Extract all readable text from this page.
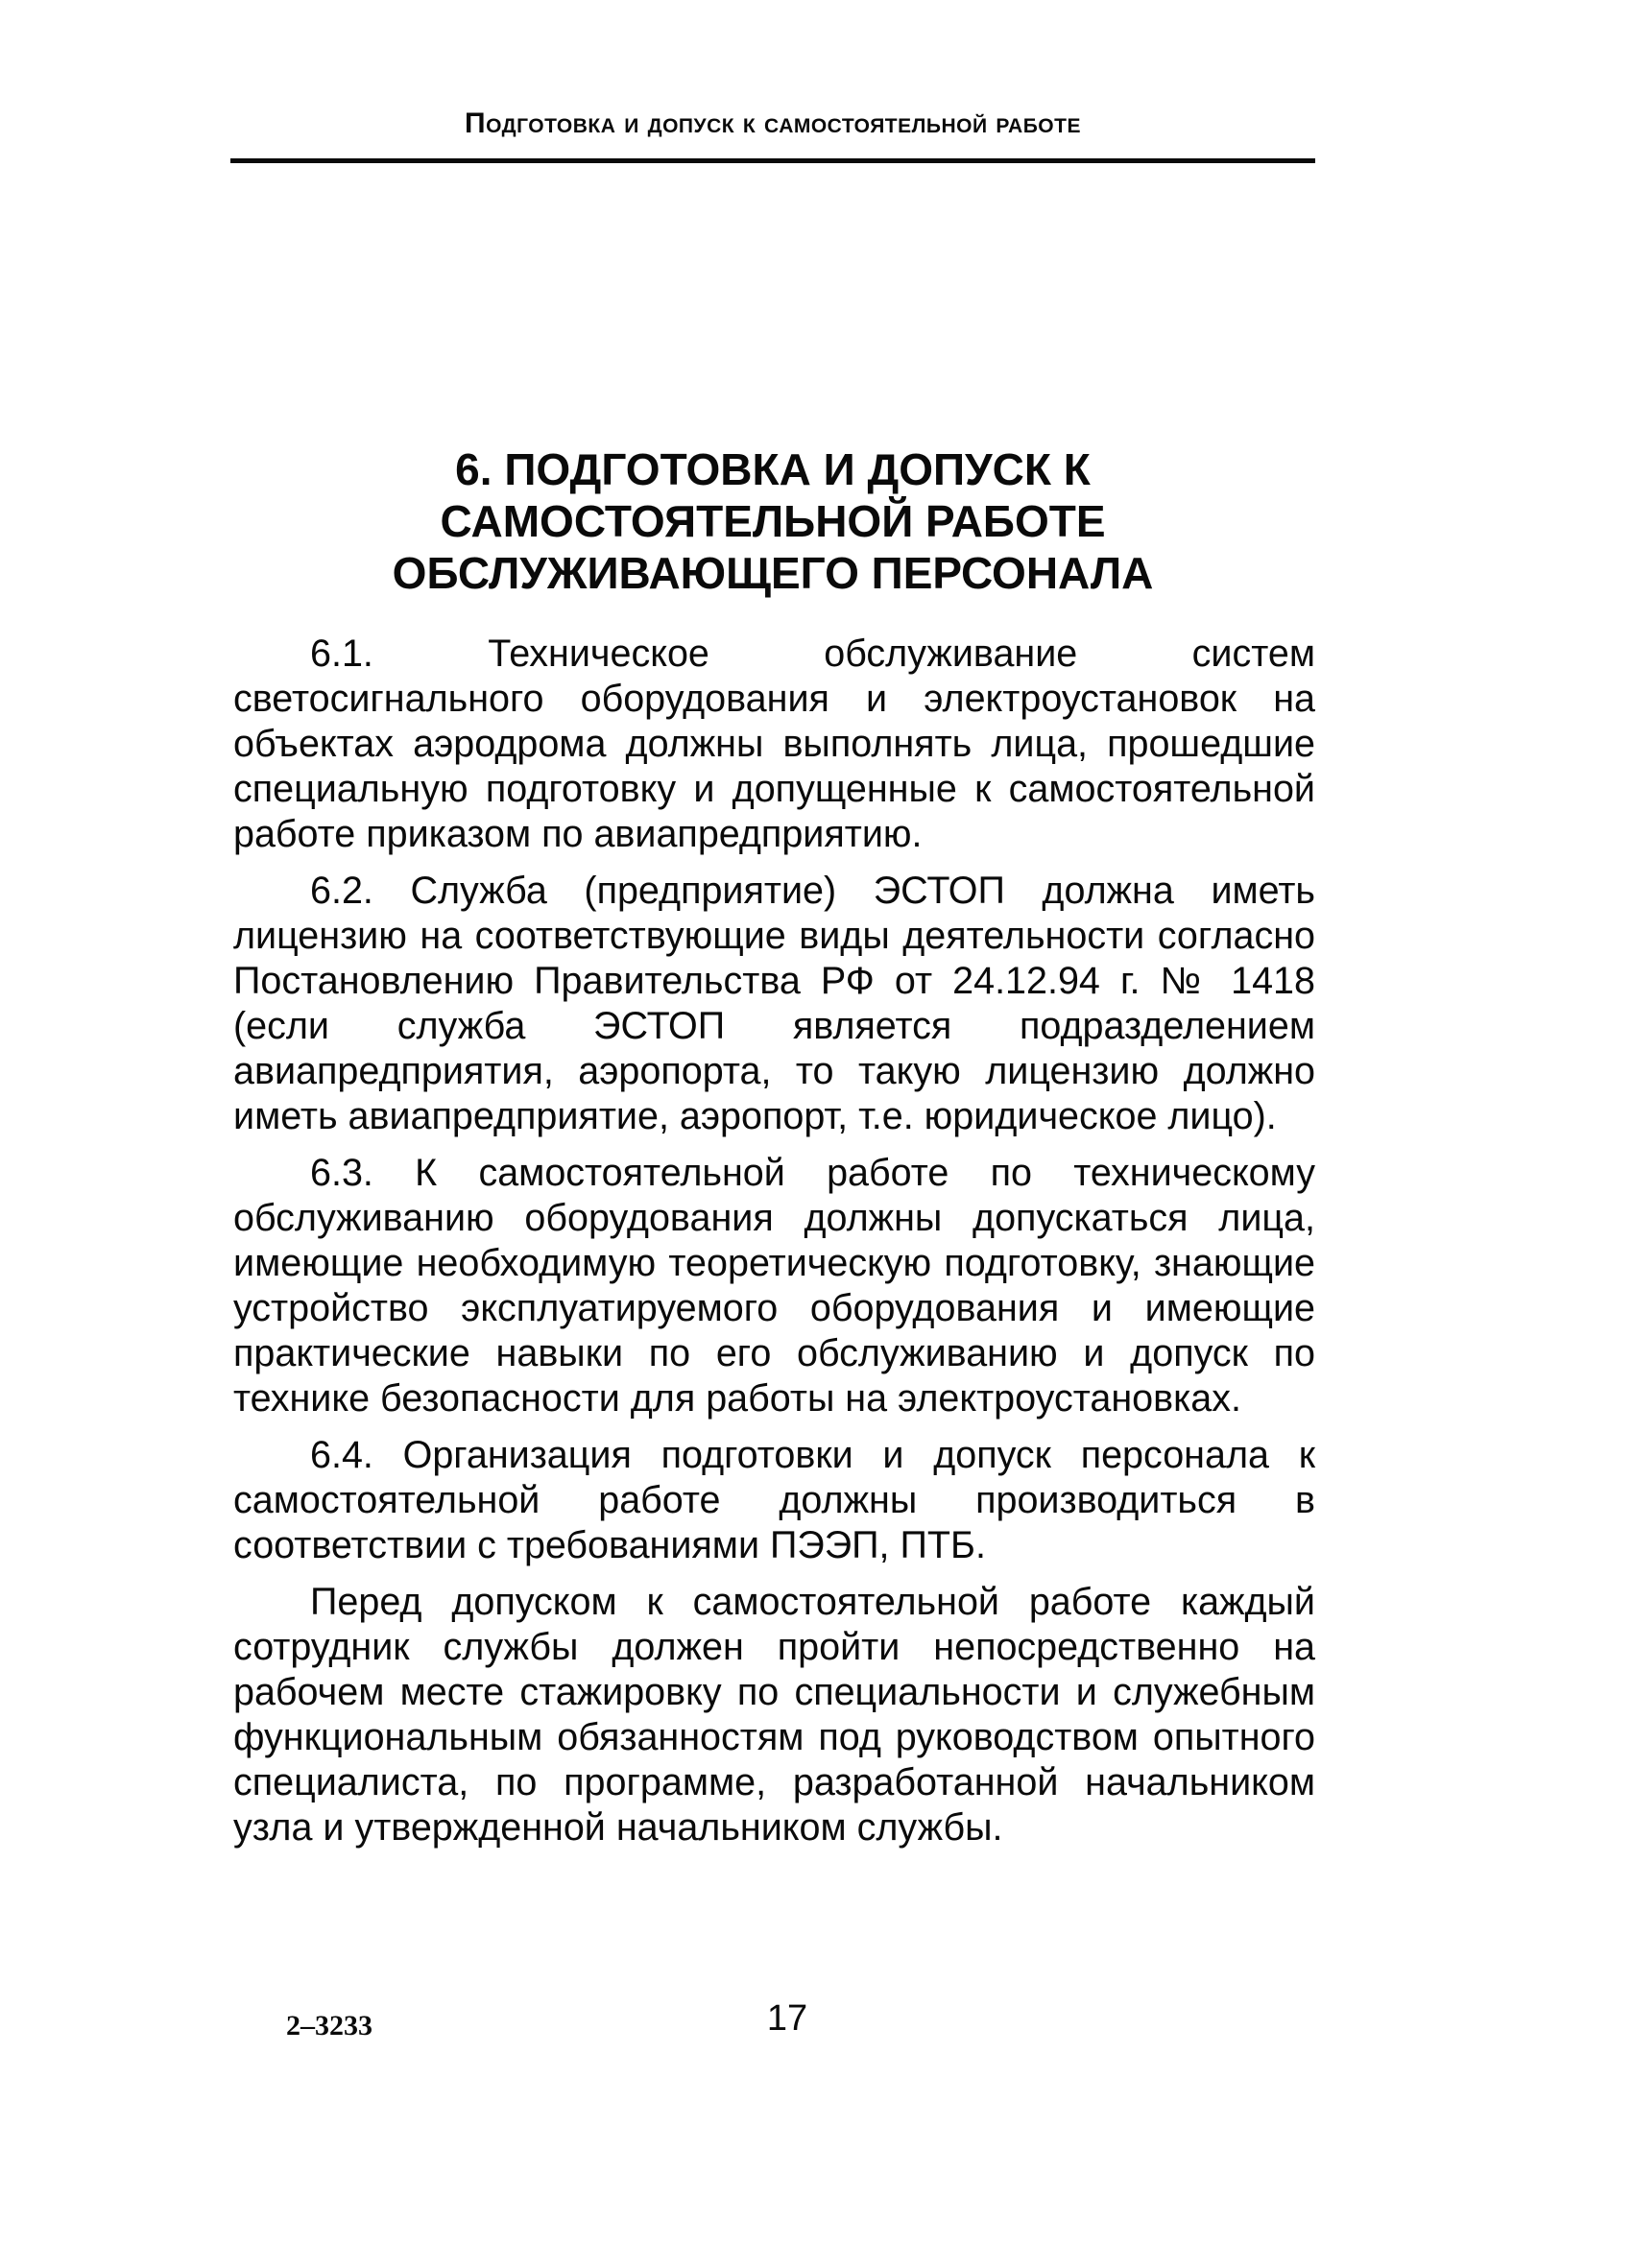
Подготовка и допуск к самостоятельной работе
6. ПОДГОТОВКА И ДОПУСК К
САМОСТОЯТЕЛЬНОЙ РАБОТЕ
ОБСЛУЖИВАЮЩЕГО ПЕРСОНАЛА

6.1. Техническое обслуживание систем светосигнального оборудования и электроустановок на объектах аэродрома должны выполнять лица, прошедшие специальную подготовку и допущенные к самостоятельной работе приказом по авиапредприятию.

6.2. Служба (предприятие) ЭСТОП должна иметь лицензию на соответствующие виды деятельности согласно Постановлению Правительства РФ от 24.12.94 г. № 1418 (если служба ЭСТОП является подразделением авиапредприятия, аэропорта, то такую лицензию должно иметь авиапредприятие, аэропорт, т.е. юридическое лицо).

6.3. К самостоятельной работе по техническому обслуживанию оборудования должны допускаться лица, имеющие необходимую теоретическую подготовку, знающие устройство эксплуатируемого оборудования и имеющие практические навыки по его обслуживанию и допуск по технике безопасности для работы на электроустановках.

6.4. Организация подготовки и допуск персонала к самостоятельной работе должны производиться в соответствии с требованиями ПЭЭП, ПТБ.

Перед допуском к самостоятельной работе каждый сотрудник службы должен пройти непосредственно на рабочем месте стажировку по специальности и служебным функциональным обязанностям под руководством опытного специалиста, по программе, разработанной начальником узла и утвержденной начальником службы.

2–3233	17
